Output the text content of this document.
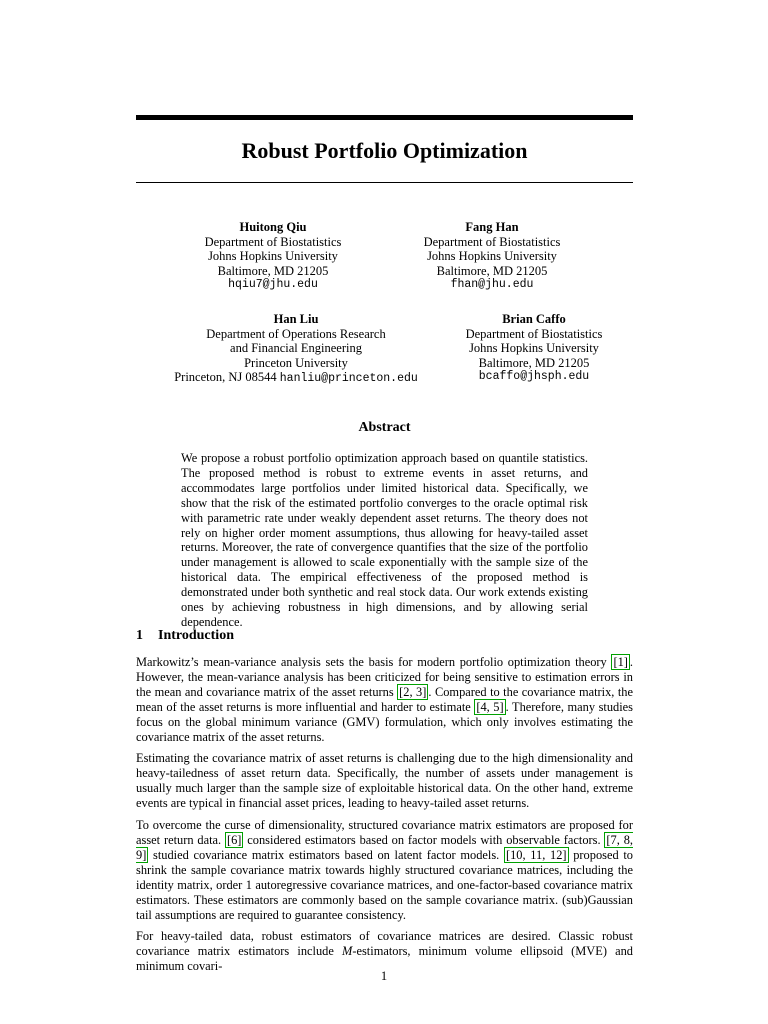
Robust Portfolio Optimization
Huitong Qiu
Department of Biostatistics
Johns Hopkins University
Baltimore, MD 21205
hqiu7@jhu.edu
Fang Han
Department of Biostatistics
Johns Hopkins University
Baltimore, MD 21205
fhan@jhu.edu
Han Liu
Department of Operations Research
and Financial Engineering
Princeton University
Princeton, NJ 08544 hanliu@princeton.edu
Brian Caffo
Department of Biostatistics
Johns Hopkins University
Baltimore, MD 21205
bcaffo@jhsph.edu
Abstract

We propose a robust portfolio optimization approach based on quantile statistics. The proposed method is robust to extreme events in asset returns, and accommodates large portfolios under limited historical data. Specifically, we show that the risk of the estimated portfolio converges to the oracle optimal risk with parametric rate under weakly dependent asset returns. The theory does not rely on higher order moment assumptions, thus allowing for heavy-tailed asset returns. Moreover, the rate of convergence quantifies that the size of the portfolio under management is allowed to scale exponentially with the sample size of the historical data. The empirical effectiveness of the proposed method is demonstrated under both synthetic and real stock data. Our work extends existing ones by achieving robustness in high dimensions, and by allowing serial dependence.

1 Introduction

Markowitz’s mean-variance analysis sets the basis for modern portfolio optimization theory [1] . However, the mean-variance analysis has been criticized for being sensitive to estimation errors in the mean and covariance matrix of the asset returns [2, 3] . Compared to the covariance matrix, the mean of the asset returns is more influential and harder to estimate [4, 5] . Therefore, many studies focus on the global minimum variance (GMV) formulation, which only involves estimating the covariance matrix of the asset returns.

Estimating the covariance matrix of asset returns is challenging due to the high dimensionality and heavy-tailedness of asset return data. Specifically, the number of assets under management is usually much larger than the sample size of exploitable historical data. On the other hand, extreme events are typical in financial asset prices, leading to heavy-tailed asset returns.

To overcome the curse of dimensionality, structured covariance matrix estimators are proposed for asset return data. [6] considered estimators based on factor models with observable factors. [7, 8, 9] studied covariance matrix estimators based on latent factor models. [10, 11, 12] proposed to shrink the sample covariance matrix towards highly structured covariance matrices, including the identity matrix, order 1 autoregressive covariance matrices, and one-factor-based covariance matrix estimators. These estimators are commonly based on the sample covariance matrix. (sub)Gaussian tail assumptions are required to guarantee consistency.

For heavy-tailed data, robust estimators of covariance matrices are desired. Classic robust covariance matrix estimators include M-estimators, minimum volume ellipsoid (MVE) and minimum covari-

1
